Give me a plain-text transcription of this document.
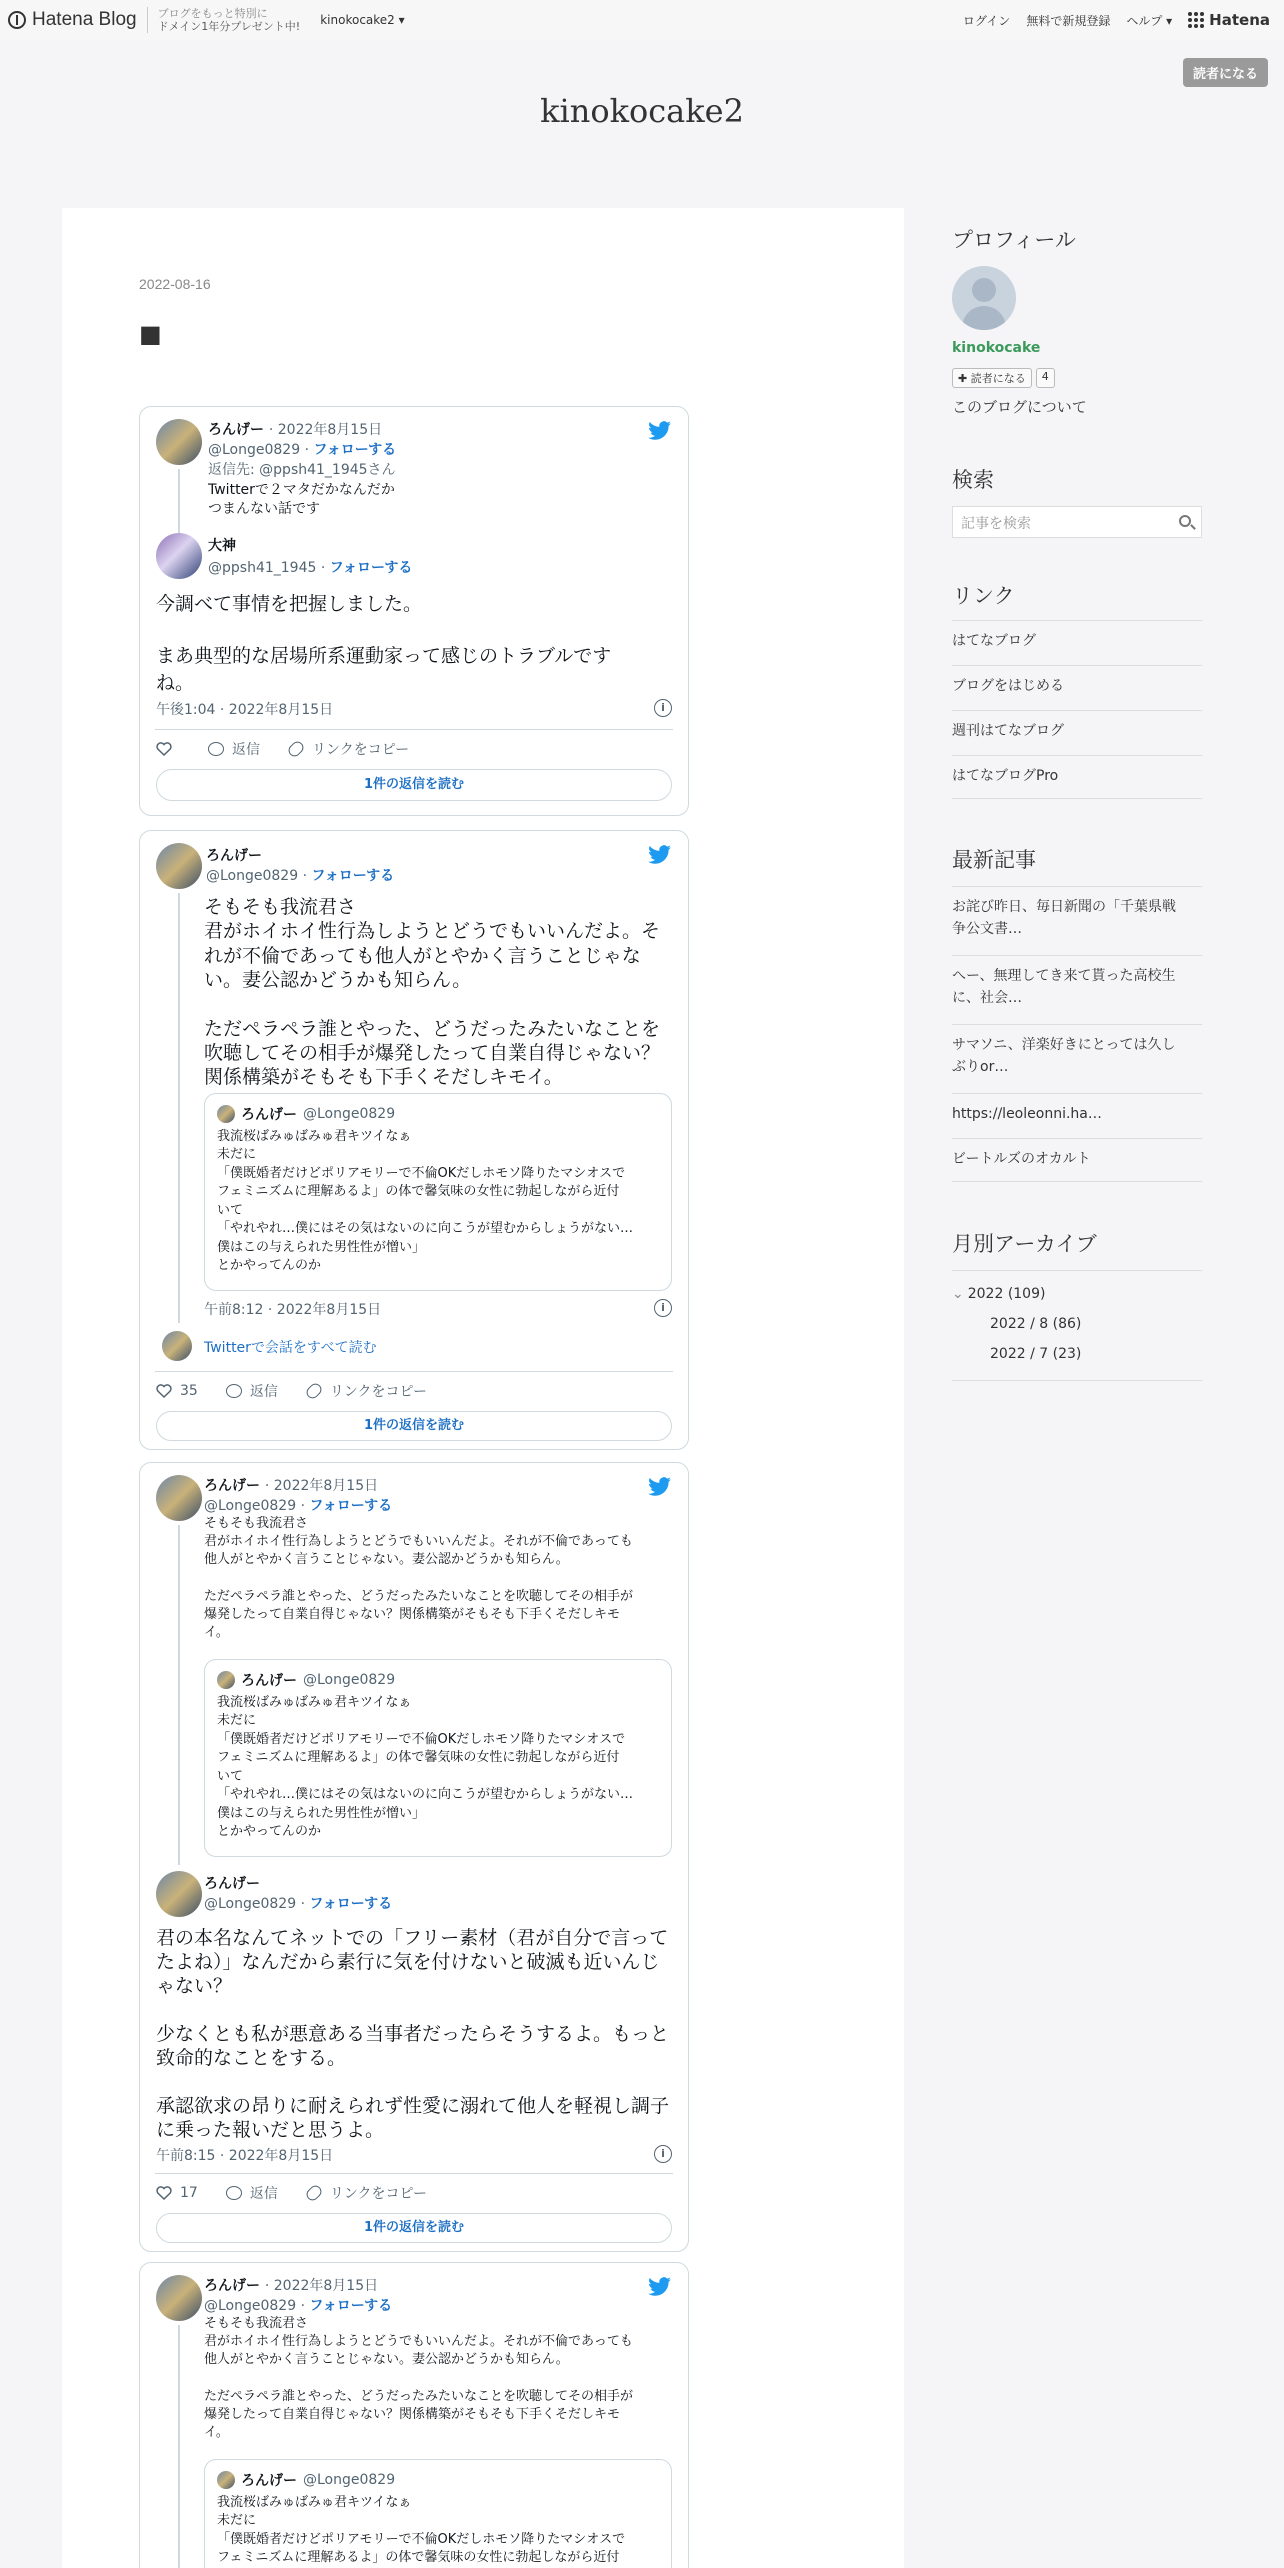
Hatena Blog ブログをもっと特別に
ドメイン1年分プレゼント中! kinokocake2 ▾	ログイン 無料で新規登録 ヘルプ ▾ Hatena
読者になる
kinokocake2
2022-08-16
■
ろんげー · 2022年8月15日
@Longe0829 · フォローする
返信先: @ppsh41_1945さん
Twitterで２マタだかなんだか
つまんない話です
大神
@ppsh41_1945 · フォローする
今調べて事情を把握しました。

まあ典型的な居場所系運動家って感じのトラブルです
ね。
午後1:04 · 2022年8月15日	i
返信	リンクをコピー
1件の返信を読む
ろんげー
@Longe0829 · フォローする
そもそも我流君さ
君がホイホイ性行為しようとどうでもいいんだよ。そ
れが不倫であっても他人がとやかく言うことじゃな
い。妻公認かどうかも知らん。

ただペラペラ誰とやった、どうだったみたいなことを
吹聴してその相手が爆発したって自業自得じゃない？
関係構築がそもそも下手くそだしキモイ。
ろんげー @Longe0829
我流桜ばみゅばみゅ君キツイなぁ
未だに
「僕既婚者だけどポリアモリーで不倫OKだしホモソ降りたマシオスで
フェミニズムに理解あるよ」の体で馨気味の女性に勃起しながら近付
いて
「やれやれ…僕にはその気はないのに向こうが望むからしょうがない…
僕はこの与えられた男性性が憎い」
とかやってんのか
午前8:12 · 2022年8月15日	i
Twitterで会話をすべて読む
35	返信	リンクをコピー
1件の返信を読む
ろんげー · 2022年8月15日
@Longe0829 · フォローする
そもそも我流君さ
君がホイホイ性行為しようとどうでもいいんだよ。それが不倫であっても
他人がとやかく言うことじゃない。妻公認かどうかも知らん。

ただペラペラ誰とやった、どうだったみたいなことを吹聴してその相手が
爆発したって自業自得じゃない？関係構築がそもそも下手くそだしキモ
イ。
ろんげー @Longe0829
我流桜ばみゅばみゅ君キツイなぁ
未だに
「僕既婚者だけどポリアモリーで不倫OKだしホモソ降りたマシオスで
フェミニズムに理解あるよ」の体で馨気味の女性に勃起しながら近付
いて
「やれやれ…僕にはその気はないのに向こうが望むからしょうがない…
僕はこの与えられた男性性が憎い」
とかやってんのか
ろんげー
@Longe0829 · フォローする
君の本名なんてネットでの「フリー素材（君が自分で言って
たよね）」なんだから素行に気を付けないと破滅も近いんじ
ゃない？

少なくとも私が悪意ある当事者だったらそうするよ。もっと
致命的なことをする。

承認欲求の昂りに耐えられず性愛に溺れて他人を軽視し調子
に乗った報いだと思うよ。
午前8:15 · 2022年8月15日	i
17	返信	リンクをコピー
1件の返信を読む
ろんげー · 2022年8月15日
@Longe0829 · フォローする
そもそも我流君さ
君がホイホイ性行為しようとどうでもいいんだよ。それが不倫であっても
他人がとやかく言うことじゃない。妻公認かどうかも知らん。

ただペラペラ誰とやった、どうだったみたいなことを吹聴してその相手が
爆発したって自業自得じゃない？関係構築がそもそも下手くそだしキモ
イ。
ろんげー @Longe0829
我流桜ばみゅばみゅ君キツイなぁ
未だに
「僕既婚者だけどポリアモリーで不倫OKだしホモソ降りたマシオスで
フェミニズムに理解あるよ」の体で馨気味の女性に勃起しながら近付
プロフィール
kinokocake
✚ 読者になる	4
このブログについて
検索
記事を検索
リンク
はてなブログ
ブログをはじめる
週刊はてなブログ
はてなブログPro
最新記事
お詫び昨日、毎日新聞の「千葉県戦
争公文書…
へー、無理してき来て貰った高校生
に、社会…
サマソニ、洋楽好きにとっては久し
ぶりor…
https://leoleonni.ha…
ビートルズのオカルト
月別アーカイブ
⌄ 2022 (109)
2022 / 8 (86)
2022 / 7 (23)
